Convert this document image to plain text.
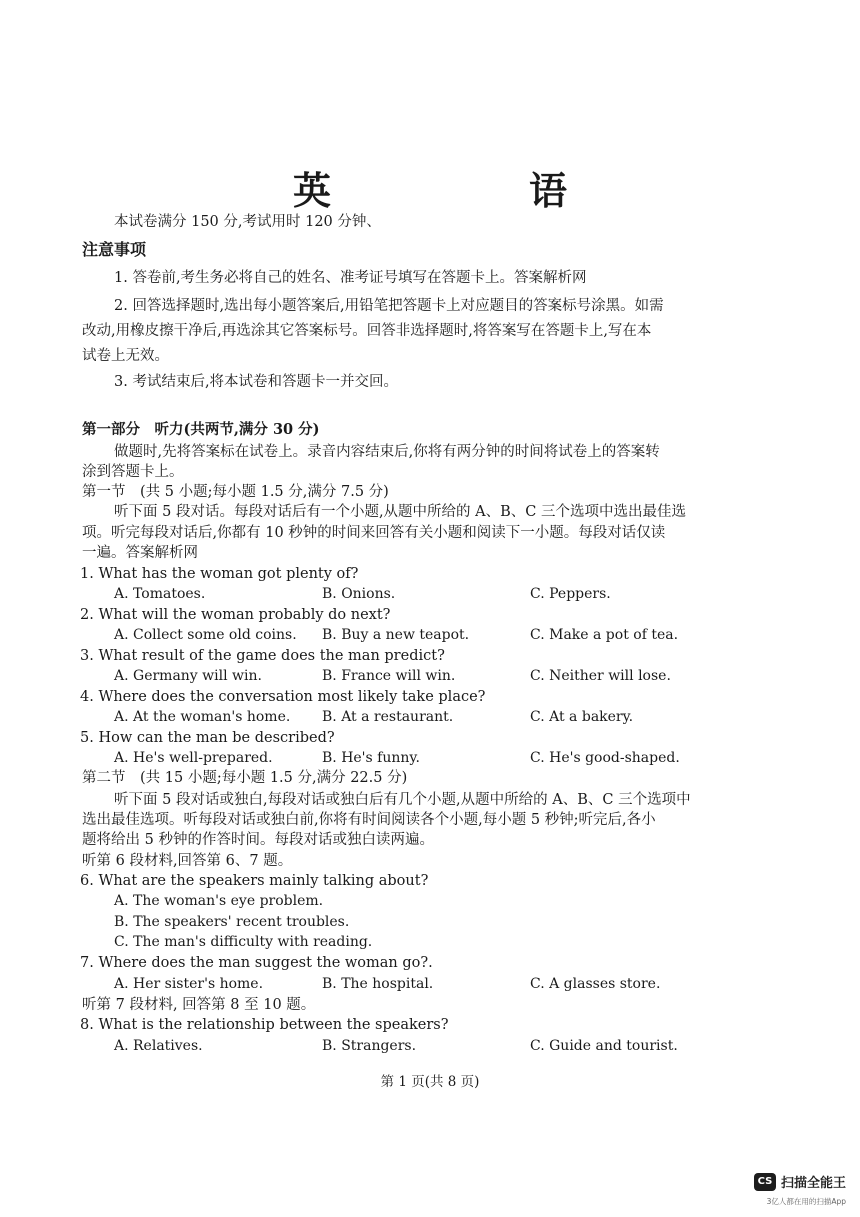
英　语
本试卷满分 150 分,考试用时 120 分钟、
注意事项
1. 答卷前,考生务必将自己的姓名、准考证号填写在答题卡上。答案解析网
2. 回答选择题时,选出每小题答案后,用铅笔把答题卡上对应题目的答案标号涂黑。如需
改动,用橡皮擦干净后,再选涂其它答案标号。回答非选择题时,将答案写在答题卡上,写在本
试卷上无效。
3. 考试结束后,将本试卷和答题卡一并交回。
第一部分　听力(共两节,满分 30 分)
做题时,先将答案标在试卷上。录音内容结束后,你将有两分钟的时间将试卷上的答案转
涂到答题卡上。
第一节　(共 5 小题;每小题 1.5 分,满分 7.5 分)
听下面 5 段对话。每段对话后有一个小题,从题中所给的 A、B、C 三个选项中选出最佳选
项。听完每段对话后,你都有 10 秒钟的时间来回答有关小题和阅读下一小题。每段对话仅读
一遍。答案解析网
1. What has the woman got plenty of?
A. Tomatoes.	B. Onions.	C. Peppers.
2. What will the woman probably do next?
A. Collect some old coins. B. Buy a new teapot.	C. Make a pot of tea.
3. What result of the game does the man predict?
A. Germany will win.	B. France will win.	C. Neither will lose.
4. Where does the conversation most likely take place?
A. At the woman's home. B. At a restaurant.	C. At a bakery.
5. How can the man be described?
A. He's well-prepared.	B. He's funny.	C. He's good-shaped.
第二节　(共 15 小题;每小题 1.5 分,满分 22.5 分)
听下面 5 段对话或独白,每段对话或独白后有几个小题,从题中所给的 A、B、C 三个选项中
选出最佳选项。听每段对话或独白前,你将有时间阅读各个小题,每小题 5 秒钟;听完后,各小
题将给出 5 秒钟的作答时间。每段对话或独白读两遍。
听第 6 段材料,回答第 6、7 题。
6. What are the speakers mainly talking about?
A. The woman's eye problem.
B. The speakers' recent troubles.
C. The man's difficulty with reading.
7. Where does the man suggest the woman go?.
A. Her sister's home.	B. The hospital.	C. A glasses store.
听第 7 段材料, 回答第 8 至 10 题。
8. What is the relationship between the speakers?
A. Relatives.	B. Strangers.	C. Guide and tourist.
第 1 页(共 8 页)
CS 扫描全能王
3亿人都在用的扫描App
